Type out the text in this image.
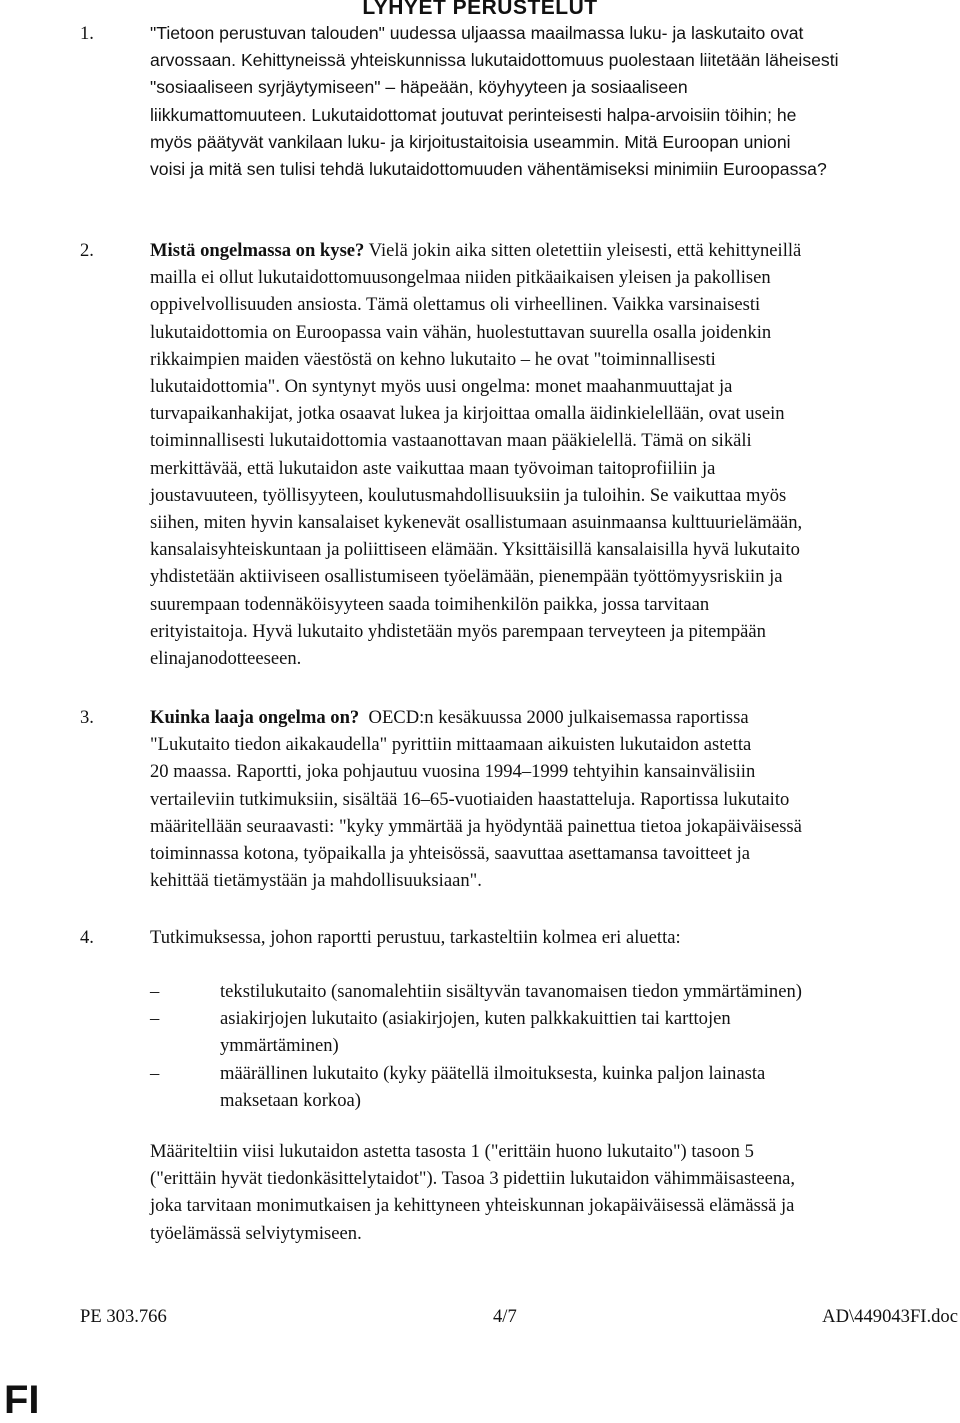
LYHYET PERUSTELUT
1.	"Tietoon perustuvan talouden" uudessa uljaassa maailmassa luku- ja laskutaito ovat
arvossaan. Kehittyneissä yhteiskunnissa lukutaidottomuus puolestaan liitetään läheisesti
"sosiaaliseen syrjäytymiseen" – häpeään, köyhyyteen ja sosiaaliseen
liikkumattomuuteen. Lukutaidottomat joutuvat perinteisesti halpa-arvoisiin töihin; he
myös päätyvät vankilaan luku- ja kirjoitustaitoisia useammin. Mitä Euroopan unioni
voisi ja mitä sen tulisi tehdä lukutaidottomuuden vähentämiseksi minimiin Euroopassa?
2.	Mistä ongelmassa on kyse? Vielä jokin aika sitten oletettiin yleisesti, että kehittyneillä
mailla ei ollut lukutaidottomuusongelmaa niiden pitkäaikaisen yleisen ja pakollisen
oppivelvollisuuden ansiosta. Tämä olettamus oli virheellinen. Vaikka varsinaisesti
lukutaidottomia on Euroopassa vain vähän, huolestuttavan suurella osalla joidenkin
rikkaimpien maiden väestöstä on kehno lukutaito – he ovat "toiminnallisesti
lukutaidottomia". On syntynyt myös uusi ongelma: monet maahanmuuttajat ja
turvapaikanhakijat, jotka osaavat lukea ja kirjoittaa omalla äidinkielellään, ovat usein
toiminnallisesti lukutaidottomia vastaanottavan maan pääkielellä. Tämä on sikäli
merkittävää, että lukutaidon aste vaikuttaa maan työvoiman taitoprofiiliin ja
joustavuuteen, työllisyyteen, koulutusmahdollisuuksiin ja tuloihin. Se vaikuttaa myös
siihen, miten hyvin kansalaiset kykenevät osallistumaan asuinmaansa kulttuurielämään,
kansalaisyhteiskuntaan ja poliittiseen elämään. Yksittäisillä kansalaisilla hyvä lukutaito
yhdistetään aktiiviseen osallistumiseen työelämään, pienempään työttömyysriskiin ja
suurempaan todennäköisyyteen saada toimihenkilön paikka, jossa tarvitaan
erityistaitoja. Hyvä lukutaito yhdistetään myös parempaan terveyteen ja pitempään
elinajanodotteeseen.
3.	Kuinka laaja ongelma on?  OECD:n kesäkuussa 2000 julkaisemassa raportissa
"Lukutaito tiedon aikakaudella" pyrittiin mittaamaan aikuisten lukutaidon astetta
20 maassa. Raportti, joka pohjautuu vuosina 1994–1999 tehtyihin kansainvälisiin
vertaileviin tutkimuksiin, sisältää 16–65-vuotiaiden haastatteluja. Raportissa lukutaito
määritellään seuraavasti: "kyky ymmärtää ja hyödyntää painettua tietoa jokapäiväisessä
toiminnassa kotona, työpaikalla ja yhteisössä, saavuttaa asettamansa tavoitteet ja
kehittää tietämystään ja mahdollisuuksiaan".
4.	Tutkimuksessa, johon raportti perustuu, tarkasteltiin kolmea eri aluetta:
–	tekstilukutaito (sanomalehtiin sisältyvän tavanomaisen tiedon ymmärtäminen)
–	asiakirjojen lukutaito (asiakirjojen, kuten palkkakuittien tai karttojen
ymmärtäminen)
–	määrällinen lukutaito (kyky päätellä ilmoituksesta, kuinka paljon lainasta
maksetaan korkoa)
Määriteltiin viisi lukutaidon astetta tasosta 1 ("erittäin huono lukutaito") tasoon 5
("erittäin hyvät tiedonkäsittelytaidot"). Tasoa 3 pidettiin lukutaidon vähimmäisasteena,
joka tarvitaan monimutkaisen ja kehittyneen yhteiskunnan jokapäiväisessä elämässä ja
työelämässä selviytymiseen.
PE 303.766	4/7	AD\449043FI.doc
FI
